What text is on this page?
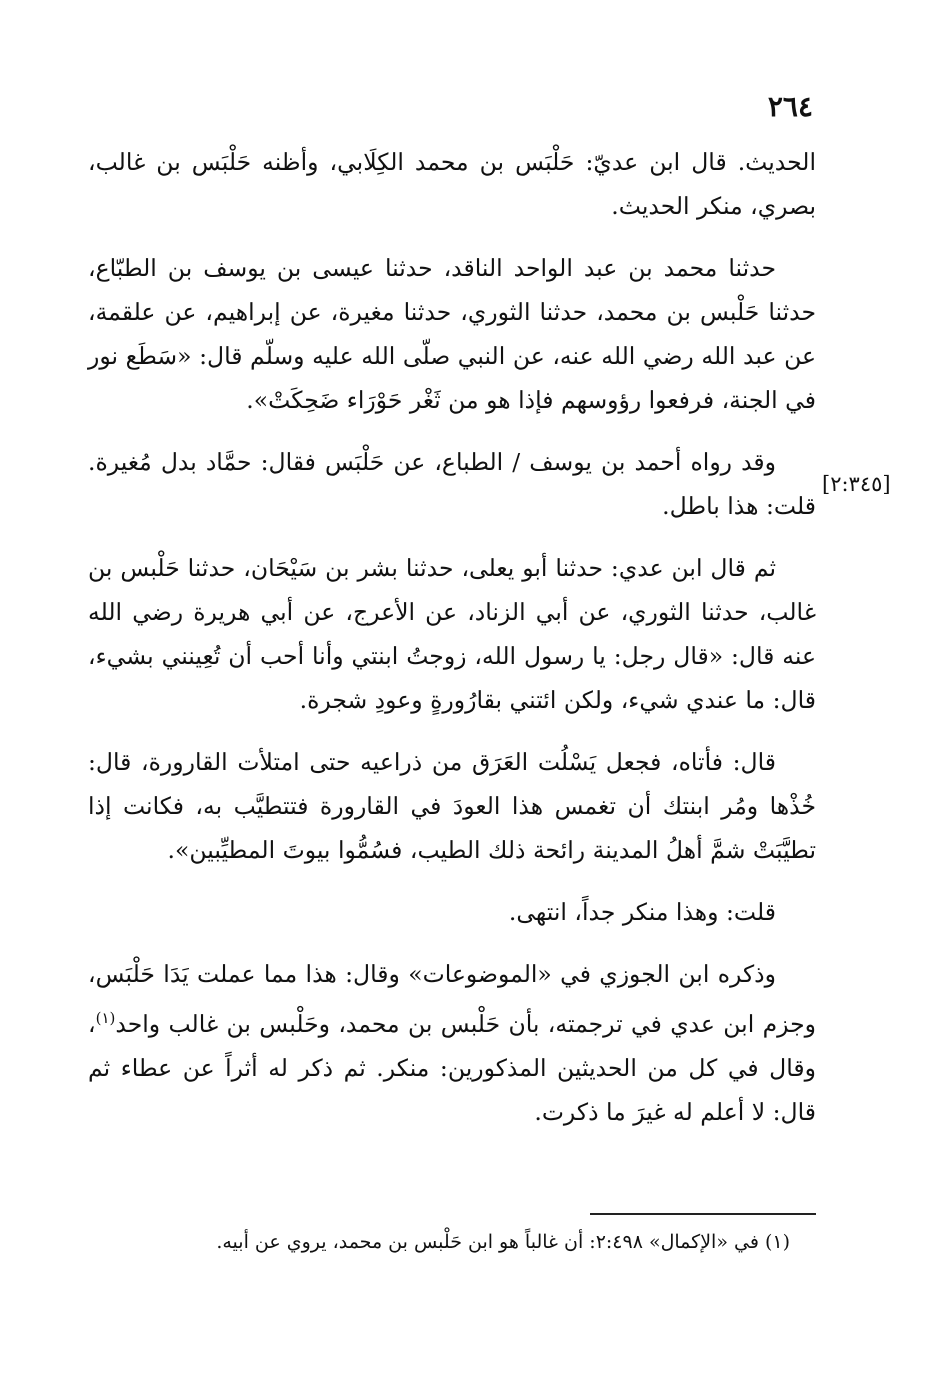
٢٦٤
[٢:٣٤٥]

الحديث. قال ابن عديّ: حَلْبَس بن محمد الكِلَابي، وأظنه حَلْبَس بن غالب، بصري، منكر الحديث.

حدثنا محمد بن عبد الواحد الناقد، حدثنا عيسى بن يوسف بن الطبّاع، حدثنا حَلْبس بن محمد، حدثنا الثوري، حدثنا مغيرة، عن إبراهيم، عن علقمة، عن عبد الله رضي الله عنه، عن النبي صلّى الله عليه وسلّم قال: «سَطَع نور في الجنة، فرفعوا رؤوسهم فإذا هو من ثَغْر حَوْرَاء ضَحِكَتْ».

وقد رواه أحمد بن يوسف / الطباع، عن حَلْبَس فقال: حمَّاد بدل مُغيرة. قلت: هذا باطل.

ثم قال ابن عدي: حدثنا أبو يعلى، حدثنا بشر بن سَيْحَان، حدثنا حَلْبس بن غالب، حدثنا الثوري، عن أبي الزناد، عن الأعرج، عن أبي هريرة رضي الله عنه قال: «قال رجل: يا رسول الله، زوجتُ ابنتي وأنا أحب أن تُعِينني بشيء، قال: ما عندي شيء، ولكن ائتني بقارُورةٍ وعودِ شجرة.

قال: فأتاه، فجعل يَسْلُت العَرَق من ذراعيه حتى امتلأت القارورة، قال: خُذْها ومُر ابنتك أن تغمس هذا العودَ في القارورة فتتطيَّب به، فكانت إذا تطيَّبَتْ شمَّ أهلُ المدينة رائحة ذلك الطيب، فسُمُّوا بيوتَ المطيِّبين».

قلت: وهذا منكر جداً، انتهى.

وذكره ابن الجوزي في «الموضوعات» وقال: هذا مما عملت يَدَا حَلْبَس، وجزم ابن عدي في ترجمته، بأن حَلْبس بن محمد، وحَلْبس بن غالب واحد$^{(١)}$، وقال في كل من الحديثين المذكورين: منكر. ثم ذكر له أثراً عن عطاء ثم قال: لا أعلم له غيرَ ما ذكرت.

(١) في «الإكمال» ٢:٤٩٨: أن غالباً هو ابن حَلْبس بن محمد، يروي عن أبيه.
